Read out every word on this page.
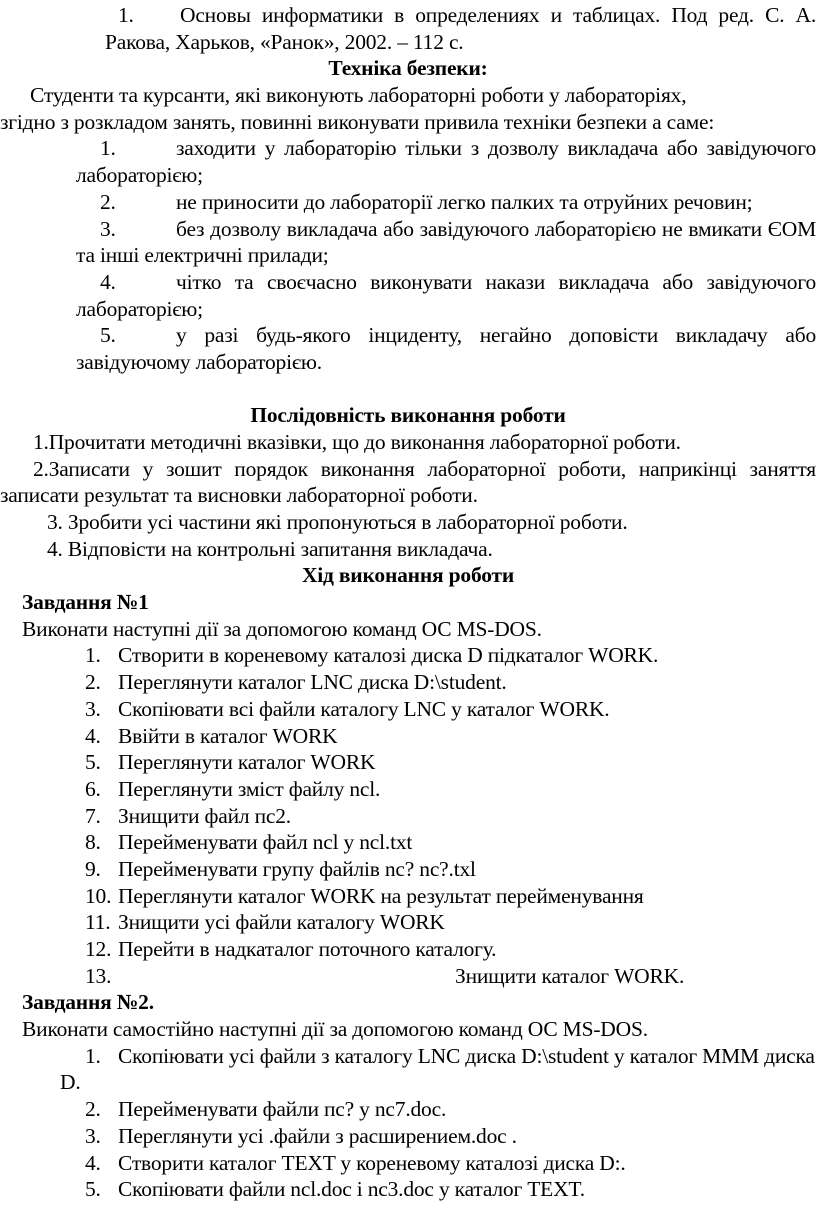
1. Основы информатики в определениях и таблицах. Под ред. С. А. Ракова, Харьков, «Ранок», 2002. – 112 с.
Техніка безпеки:
Студенти та курсанти, які виконують лабораторні роботи у лабораторіях,
згідно з розкладом занять, повинні виконувати привила техніки безпеки а саме:
1.	заходити у лабораторію тільки з дозволу викладача або завідуючого лабораторією;
2.	не приносити до лабораторії легко палких та отруйних речовин;
3.	без дозволу викладача або завідуючого лабораторією не вмикати ЄОМ та інші електричні прилади;
4.	чітко та своєчасно виконувати накази викладача або завідуючого лабораторією;
5.	у разі будь-якого інциденту, негайно доповісти викладачу або завідуючому лабораторією.
Послідовність виконання роботи
1.Прочитати методичні вказівки, що до виконання лабораторної роботи.
2.Записати у зошит порядок виконання лабораторної роботи, наприкінці заняття записати результат та висновки лабораторної роботи.
3. Зробити усі частини які пропонуються в лабораторної роботи.
4. Відповісти на контрольні запитання викладача.
Хід виконання роботи
Завдання №1
Виконати наступні дії за допомогою команд ОС MS-DOS.
1. Створити в кореневому каталозі диска D підкаталог WORK.
2. Переглянути каталог LNC диска D:\student.
3. Скопіювати всі файли каталогу LNC у каталог WORK.
4. Ввійти в каталог WORK
5. Переглянути каталог WORK
6. Переглянути зміст файлу ncl.
7. Знищити файл пс2.
8. Перейменувати файл ncl у ncl.txt
9. Перейменувати групу файлів nc? nc?.txl
10. Переглянути каталог WORK на результат перейменування
11. Знищити усі файли каталогу WORK
12. Перейти в надкаталог поточного каталогу.
13.	Знищити каталог WORK.
Завдання №2.
Виконати самостійно наступні дії за допомогою команд ОС MS-DOS.
1. Скопіювати усі файли з каталогу LNC диска D:\student у каталог MMM диска D.
2. Перейменувати файли пс? у nc7.doc.
3. Переглянути усі .файли з расширением.doc .
4. Створити каталог TEXT у кореневому каталозі диска D:.
5. Скопіювати файли ncl.doc і nc3.doc у каталог TEXT.
